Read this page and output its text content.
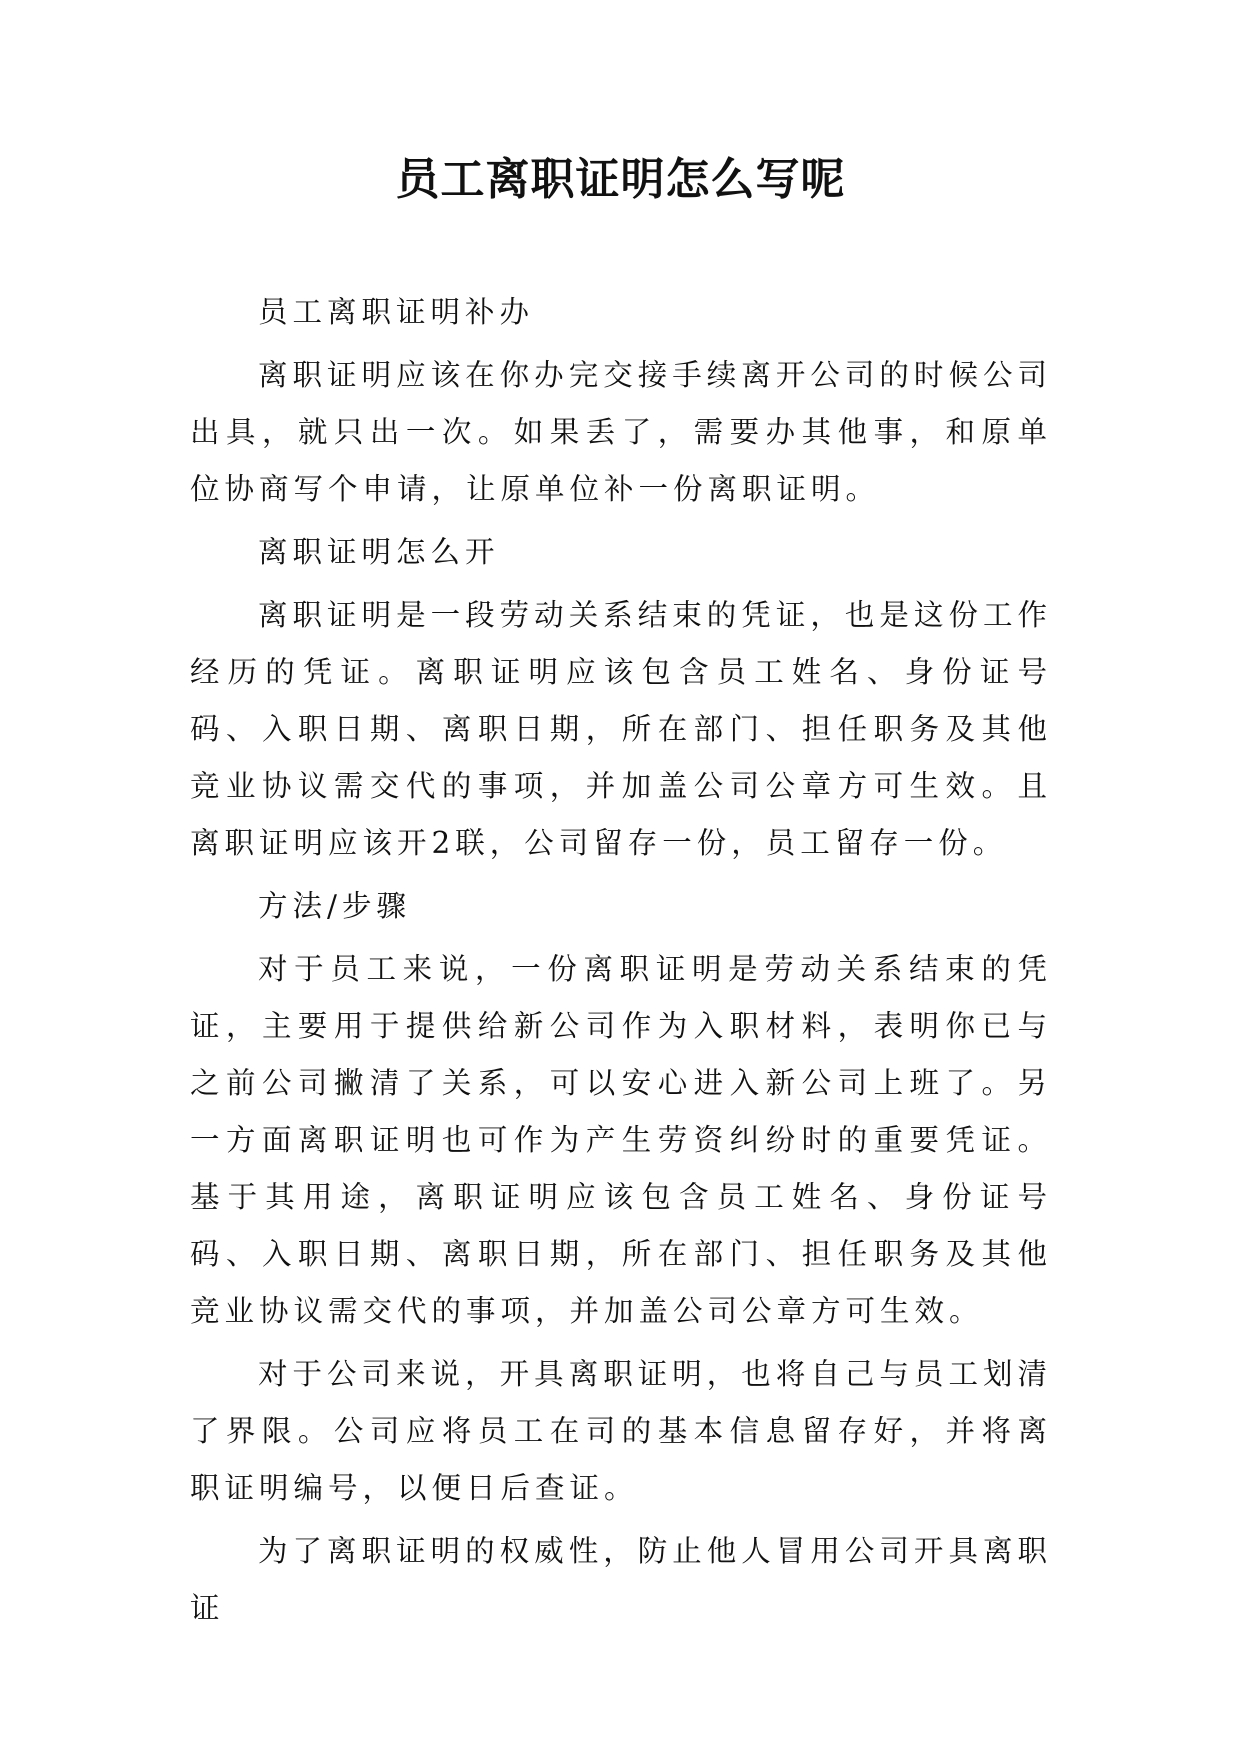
员工离职证明怎么写呢

员工离职证明补办

离职证明应该在你办完交接手续离开公司的时候公司出具，就只出一次。如果丢了，需要办其他事，和原单位协商写个申请，让原单位补一份离职证明。

离职证明怎么开

离职证明是一段劳动关系结束的凭证，也是这份工作经历的凭证。离职证明应该包含员工姓名、身份证号码、入职日期、离职日期，所在部门、担任职务及其他竞业协议需交代的事项，并加盖公司公章方可生效。且离职证明应该开2联，公司留存一份，员工留存一份。

方法/步骤

对于员工来说，一份离职证明是劳动关系结束的凭证，主要用于提供给新公司作为入职材料，表明你已与之前公司撇清了关系，可以安心进入新公司上班了。另一方面离职证明也可作为产生劳资纠纷时的重要凭证。基于其用途，离职证明应该包含员工姓名、身份证号码、入职日期、离职日期，所在部门、担任职务及其他竞业协议需交代的事项，并加盖公司公章方可生效。

对于公司来说，开具离职证明，也将自己与员工划清了界限。公司应将员工在司的基本信息留存好，并将离职证明编号，以便日后查证。

为了离职证明的权威性，防止他人冒用公司开具离职证
